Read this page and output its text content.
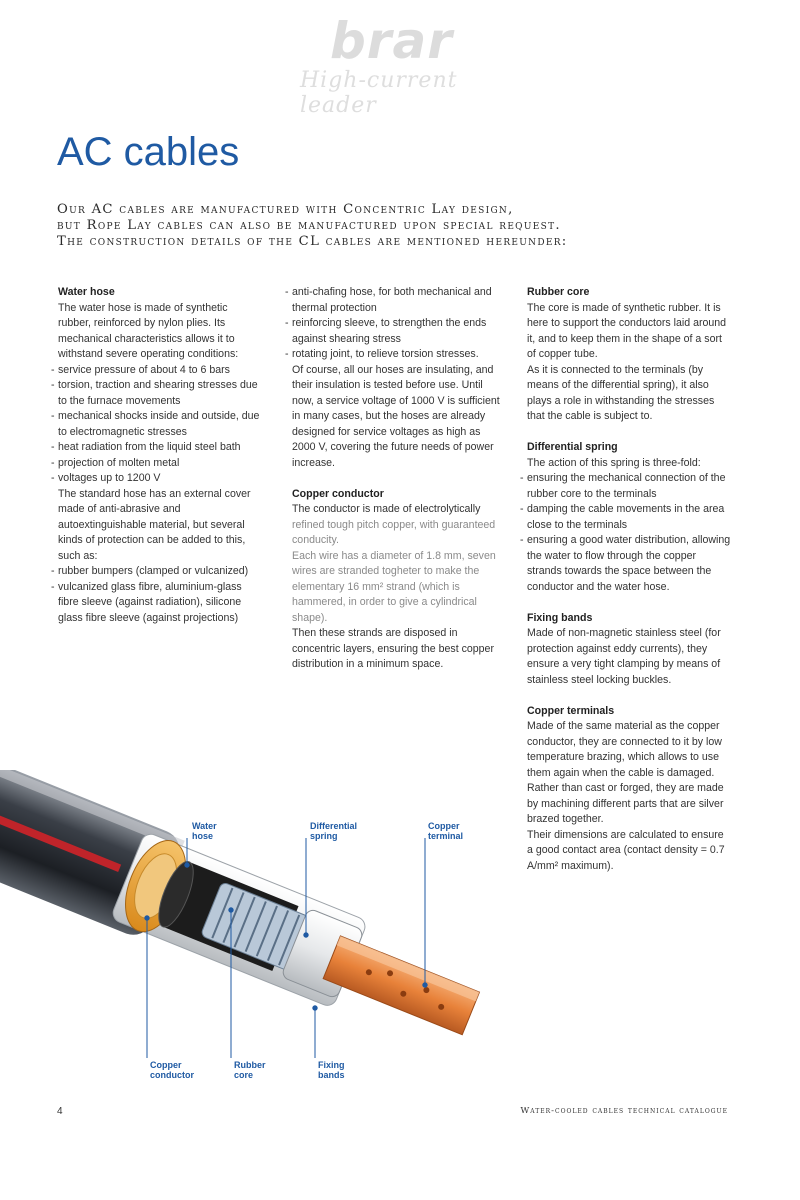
brar
High-current leader
AC cables
Our AC cables are manufactured with Concentric Lay design,
but Rope Lay cables can also be manufactured upon special request.
The construction details of the CL cables are mentioned hereunder:
Water hose

The water hose is made of synthetic rubber, reinforced by nylon plies. Its mechanical characteristics allows it to withstand severe operating conditions:

- service pressure of about 4 to 6 bars
- torsion, traction and shearing stresses due to the furnace movements
- mechanical shocks inside and outside, due to electromagnetic stresses
- heat radiation from the liquid steel bath
- projection of molten metal
- voltages up to 1200 V

The standard hose has an external cover made of anti-abrasive and autoextinguishable material, but several kinds of protection can be added to this, such as:

- rubber bumpers (clamped or vulcanized)
- vulcanized glass fibre, aluminium-glass fibre sleeve (against radiation), silicone glass fibre sleeve (against projections)
- anti-chafing hose, for both mechanical and thermal protection
- reinforcing sleeve, to strengthen the ends against shearing stress
- rotating joint, to relieve torsion stresses.

Of course, all our hoses are insulating, and their insulation is tested before use. Until now, a service voltage of 1000 V is sufficient in many cases, but the hoses are already designed for service voltages as high as 2000 V, covering the future needs of power increase.

Copper conductor

The conductor is made of electrolytically

refined tough pitch copper, with guaranteed conducity.

Each wire has a diameter of 1.8 mm, seven wires are stranded togheter to make the elementary 16 mm² strand (which is hammered, in order to give a cylindrical shape).

Then these strands are disposed in concentric layers, ensuring the best copper distribution in a minimum space.

Rubber core

The core is made of synthetic rubber. It is here to support the conductors laid around it, and to keep them in the shape of a sort of copper tube.

As it is connected to the terminals (by means of the differential spring), it also plays a role in withstanding the stresses that the cable is subject to.

Differential spring

The action of this spring is three-fold:

- ensuring the mechanical connection of the rubber core to the terminals
- damping the cable movements in the area close to the terminals
- ensuring a good water distribution, allowing the water to flow through the copper strands towards the space between the conductor and the water hose.
Fixing bands

Made of non-magnetic stainless steel (for protection against eddy currents), they ensure a very tight clamping by means of stainless steel locking buckles.

Copper terminals

Made of the same material as the copper conductor, they are connected to it by low temperature brazing, which allows to use them again when the cable is damaged.

Rather than cast or forged, they are made by machining different parts that are silver brazed together.

Their dimensions are calculated to ensure a good contact area (contact density = 0.7 A/mm² maximum).

Water
hose
Differential
spring
Copper
terminal
Copper
conductor
Rubber
core
Fixing
bands
4	Water-cooled cables technical catalogue
